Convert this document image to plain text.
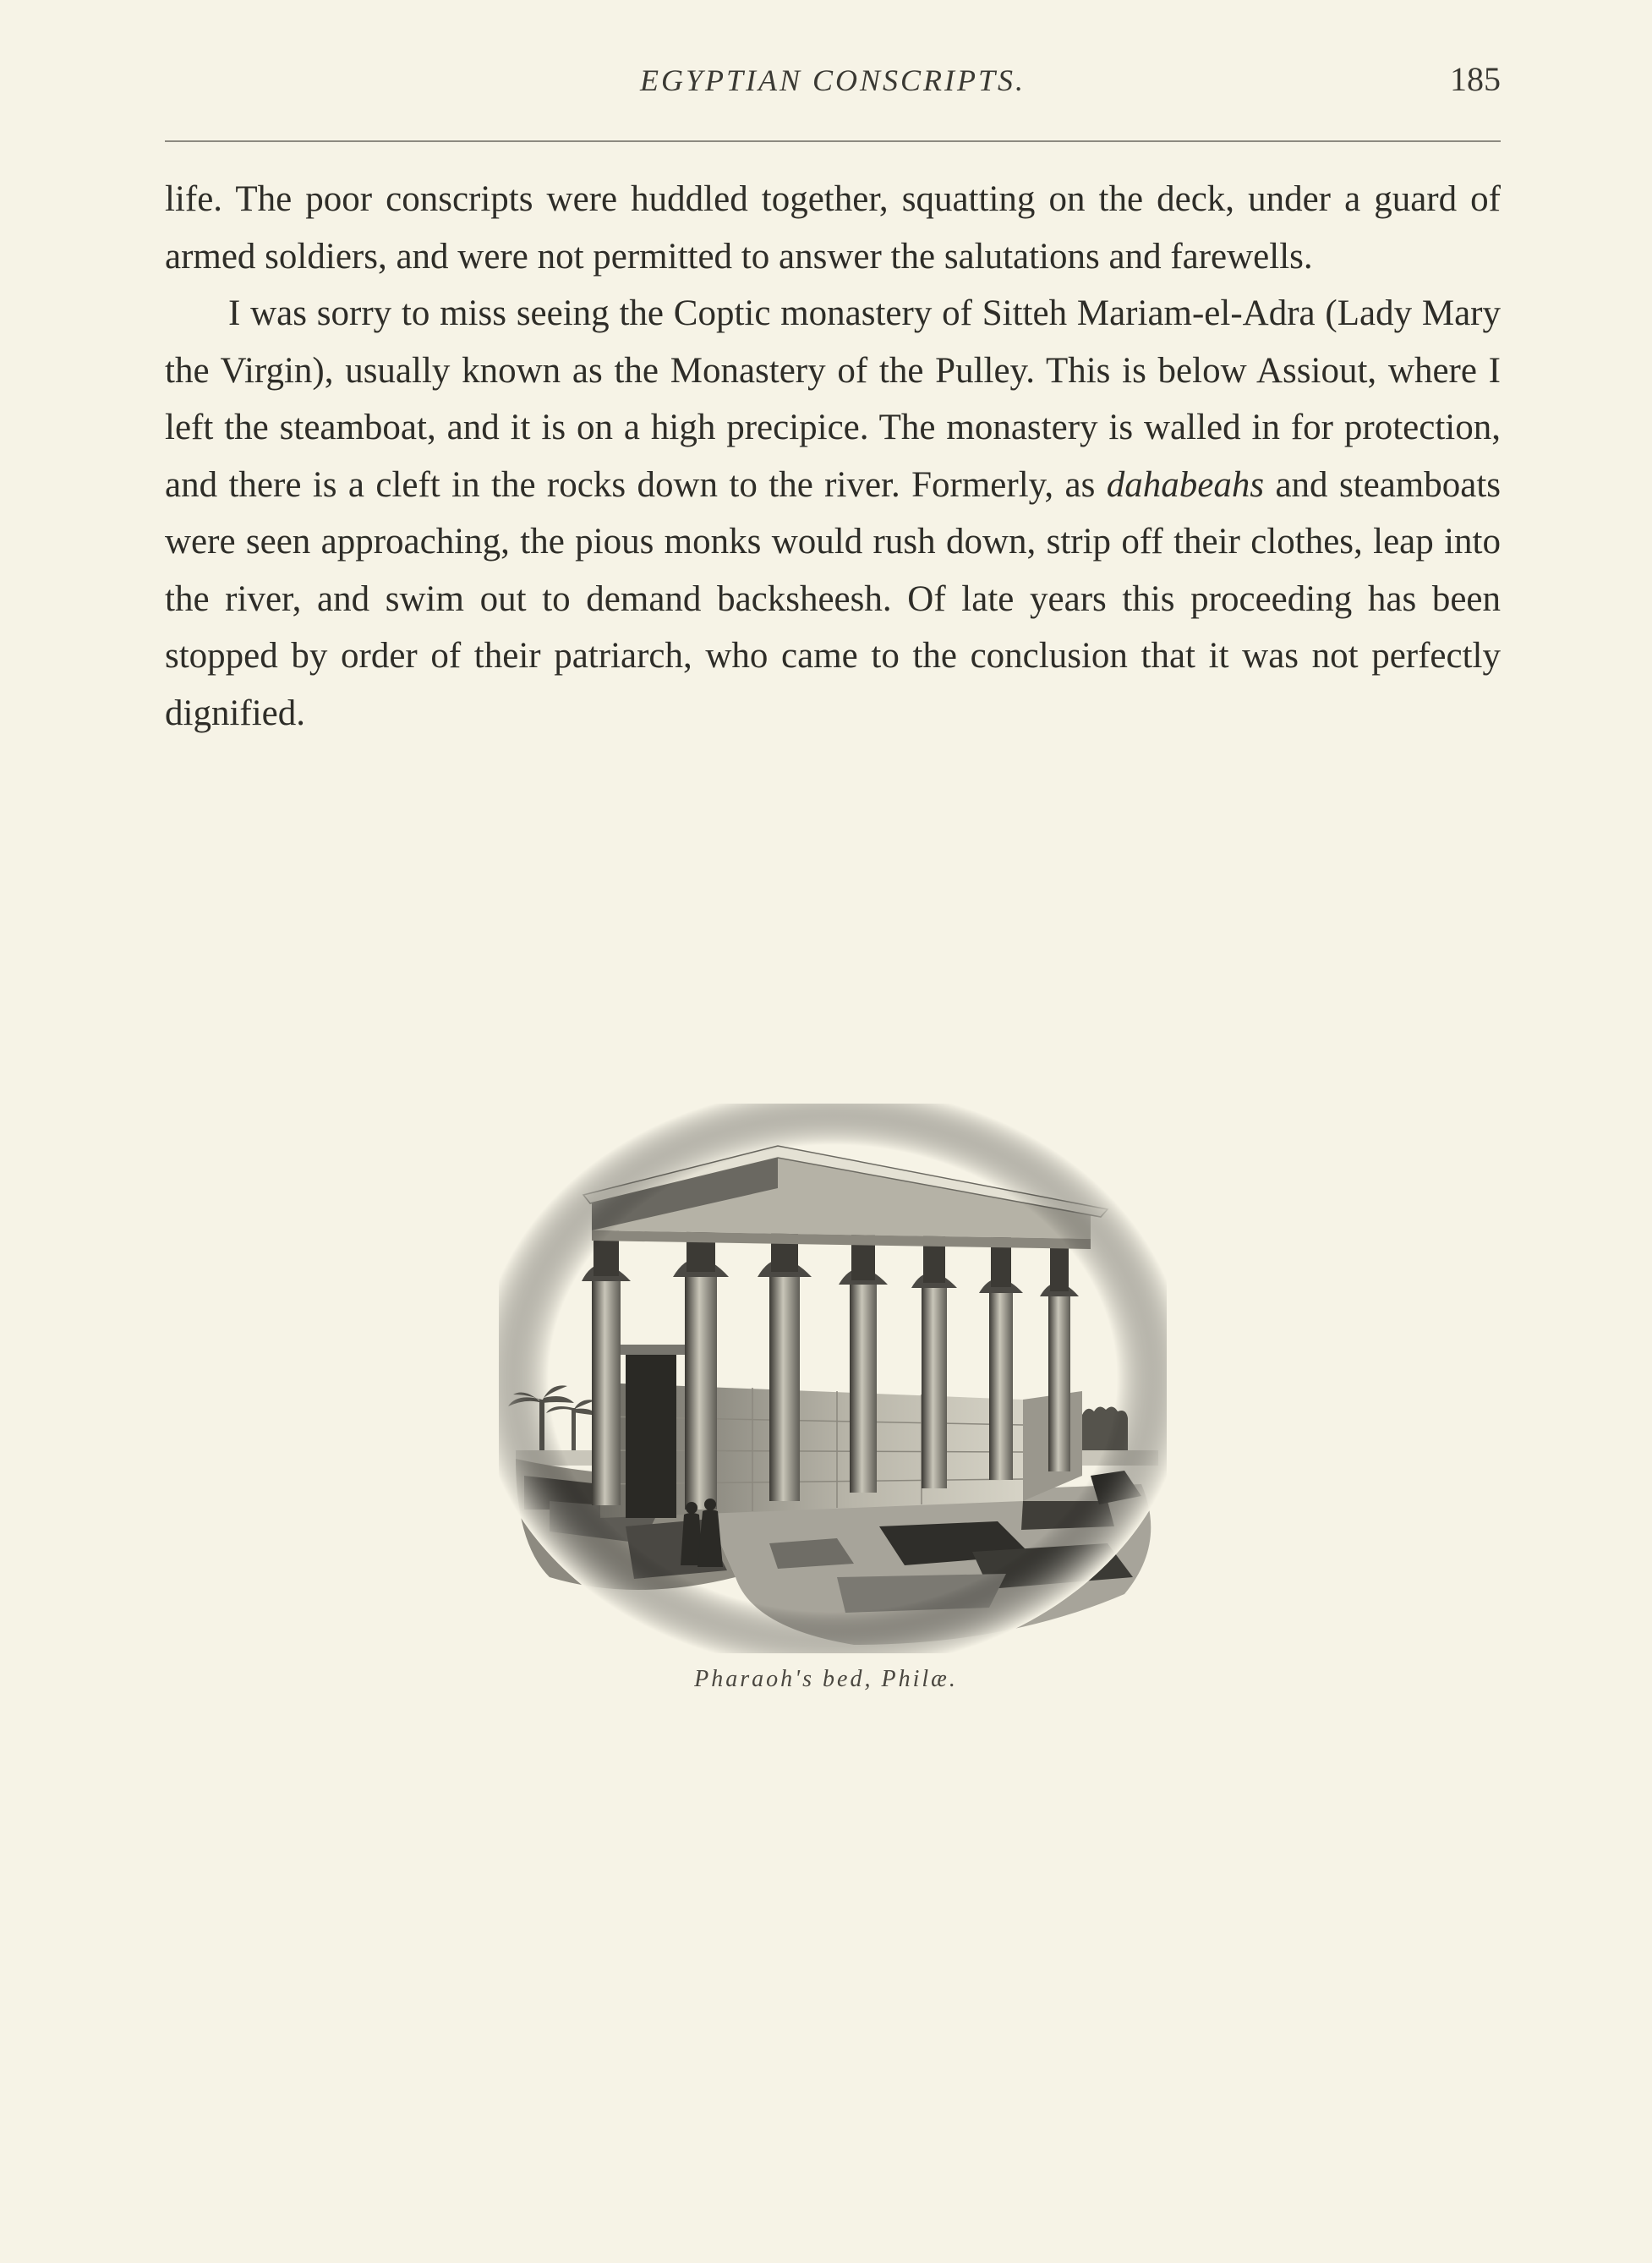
EGYPTIAN CONSCRIPTS.	185

life. The poor conscripts were huddled together, squatting on the deck, under a guard of armed soldiers, and were not permitted to answer the salutations and farewells.

I was sorry to miss seeing the Coptic monastery of Sitteh Mariam-el-Adra (Lady Mary the Virgin), usually known as the Monastery of the Pulley. This is below Assiout, where I left the steamboat, and it is on a high precipice. The monastery is walled in for protection, and there is a cleft in the rocks down to the river. Formerly, as dahabeahs and steamboats were seen approaching, the pious monks would rush down, strip off their clothes, leap into the river, and swim out to demand backsheesh. Of late years this proceeding has been stopped by order of their patriarch, who came to the conclusion that it was not perfectly dignified.

Pharaoh's bed, Philæ.
